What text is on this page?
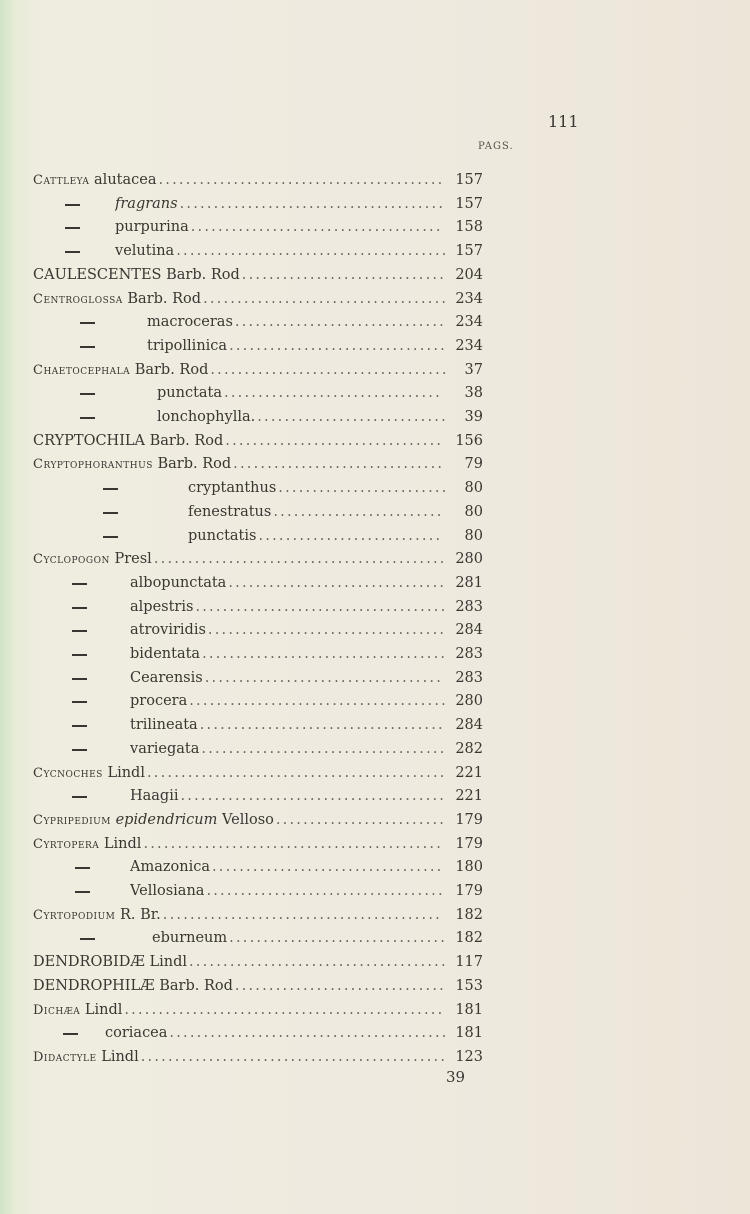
111
PAGS.
Cattleya alutacea .......................................... 157
fragrans ....................................... 157
purpurina ..................................... 158
velutina ........................................ 157
CAULESCENTES Barb. Rod .............................. 204
Centroglossa Barb. Rod .................................... 234
macroceras ............................... 234
tripollinica ................................ 234
Chaetocephala Barb. Rod ...................................	37
punctata ................................	38
lonchophylla. ............................	39
CRYPTOCHILA Barb. Rod ................................ 156
Cryptophoranthus Barb. Rod ...............................	79
cryptanthus .........................	80
fenestratus .........................	80
punctatis ...........................	80
Cyclopogon Presl ........................................... 280
albopunctata ................................ 281
alpestris ..................................... 283
atroviridis ................................... 284
bidentata .................................... 283
Cearensis ................................... 283
procera ...................................... 280
trilineata .................................... 284
variegata .................................... 282
Cycnoches Lindl ............................................ 221
Haagii ....................................... 221
Cypripedium epidendricum Velloso ......................... 179
Cyrtopera Lindl ............................................ 179
Amazonica .................................. 180
Vellosiana ................................... 179
Cyrtopodium R. Br. ......................................... 182
eburneum ................................ 182
DENDROBIDÆ Lindl ...................................... 117
DENDROPHILÆ Barb. Rod ............................... 153
Dichæa Lindl ............................................... 181
coriacea ......................................... 181
Didactyle Lindl ............................................. 123
39
